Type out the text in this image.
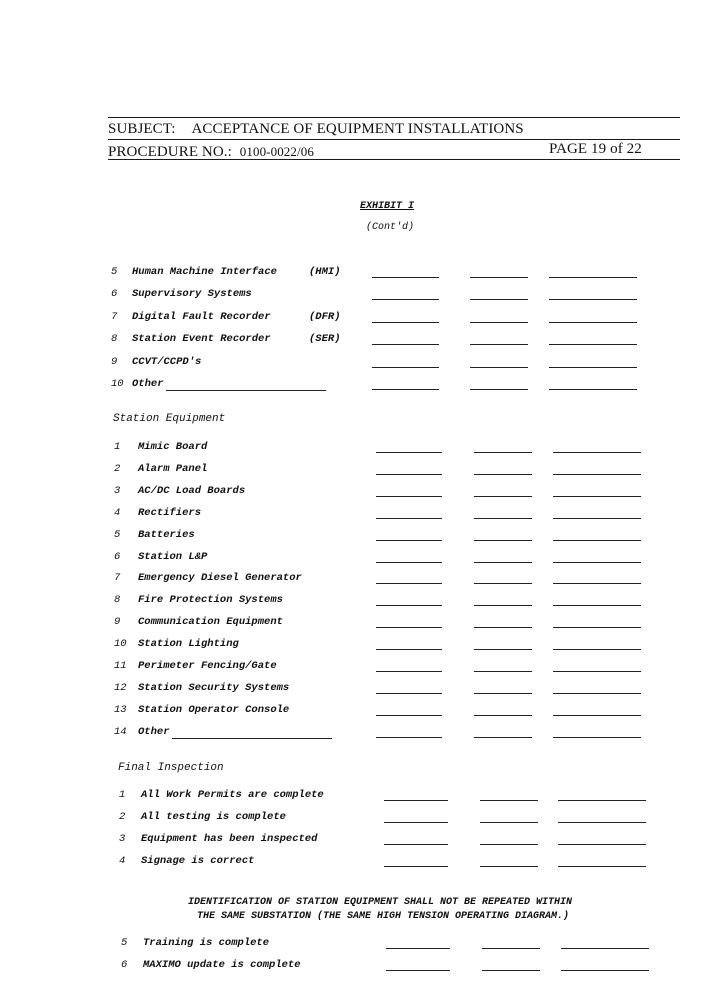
SUBJECT: ACCEPTANCE OF EQUIPMENT INSTALLATIONS
PROCEDURE NO.: 0100-0022/06	PAGE 19 of 22
EXHIBIT I
(Cont'd)
5	Human Machine Interface	(HMI)
6	Supervisory Systems
7	Digital Fault Recorder	(DFR)
8	Station Event Recorder	(SER)
9	CCVT/CCPD's
10 Other
Station Equipment
1	Mimic Board
2	Alarm Panel
3	AC/DC Load Boards
4	Rectifiers
5	Batteries
6	Station L&P
7	Emergency Diesel Generator
8	Fire Protection Systems
9	Communication Equipment
10	Station Lighting
11	Perimeter Fencing/Gate
12	Station Security Systems
13	Station Operator Console
14	Other
Final Inspection
1	All Work Permits are complete
2	All testing is complete
3	Equipment has been inspected
4	Signage is correct
IDENTIFICATION OF STATION EQUIPMENT SHALL NOT BE REPEATED WITHIN
THE SAME SUBSTATION (THE SAME HIGH TENSION OPERATING DIAGRAM.)
5	Training is complete
6	MAXIMO update is complete
